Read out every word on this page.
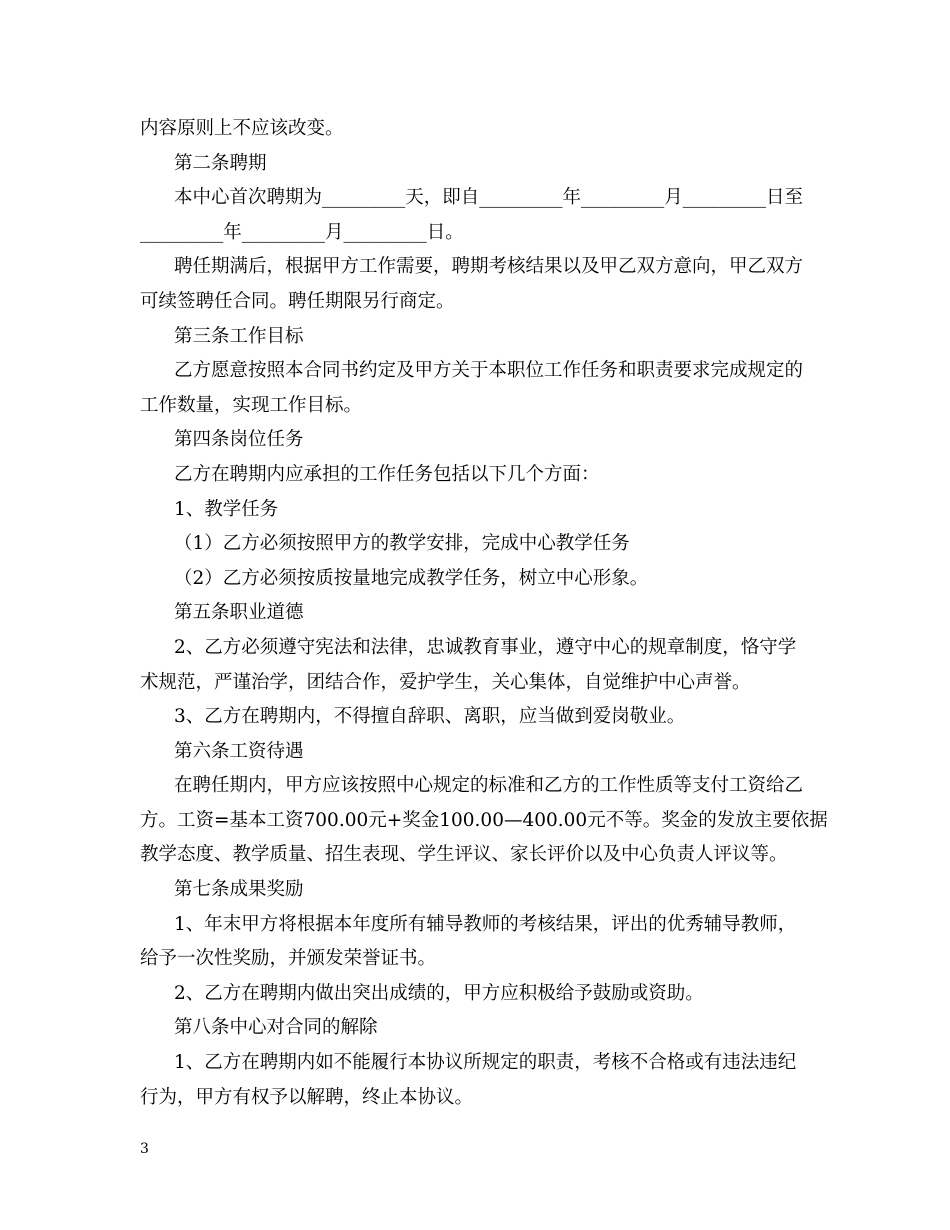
内容原则上不应该改变。
第二条聘期
本中心首次聘期为_________天，即自_________年_________月_________日至
_________年_________月_________日。
聘任期满后，根据甲方工作需要，聘期考核结果以及甲乙双方意向，甲乙双方
可续签聘任合同。聘任期限另行商定。
第三条工作目标
乙方愿意按照本合同书约定及甲方关于本职位工作任务和职责要求完成规定的
工作数量，实现工作目标。
第四条岗位任务
乙方在聘期内应承担的工作任务包括以下几个方面：
1、教学任务
（1）乙方必须按照甲方的教学安排，完成中心教学任务
（2）乙方必须按质按量地完成教学任务，树立中心形象。
第五条职业道德
2、乙方必须遵守宪法和法律，忠诚教育事业，遵守中心的规章制度，恪守学
术规范，严谨治学，团结合作，爱护学生，关心集体，自觉维护中心声誉。
3、乙方在聘期内，不得擅自辞职、离职，应当做到爱岗敬业。
第六条工资待遇
在聘任期内，甲方应该按照中心规定的标准和乙方的工作性质等支付工资给乙
方。工资=基本工资700.00元+奖金100.00—400.00元不等。奖金的发放主要依据
教学态度、教学质量、招生表现、学生评议、家长评价以及中心负责人评议等。
第七条成果奖励
1、年末甲方将根据本年度所有辅导教师的考核结果，评出的优秀辅导教师，
给予一次性奖励，并颁发荣誉证书。
2、乙方在聘期内做出突出成绩的，甲方应积极给予鼓励或资助。
第八条中心对合同的解除
1、乙方在聘期内如不能履行本协议所规定的职责，考核不合格或有违法违纪
行为，甲方有权予以解聘，终止本协议。
3
